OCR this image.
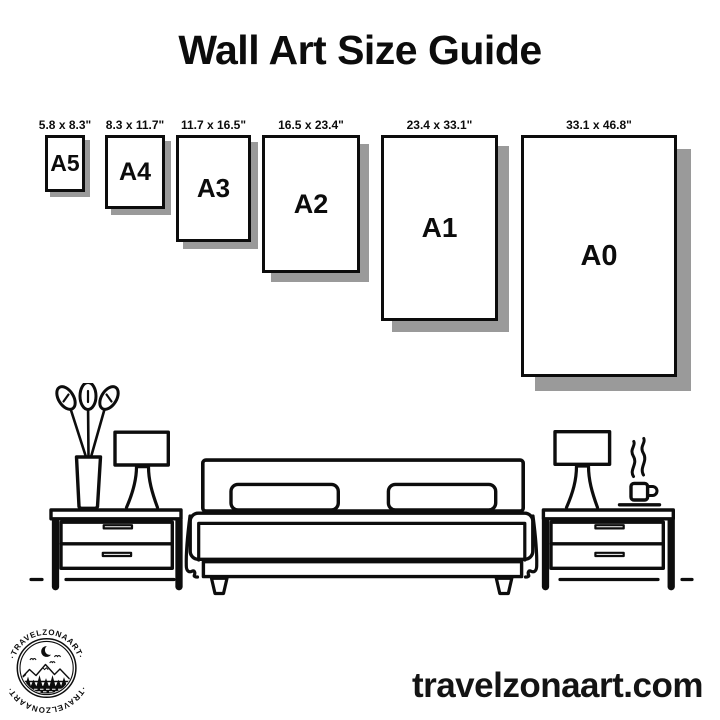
Wall Art Size Guide
5.8 x 8.3"
A5
8.3 x 11.7"
A4
11.7 x 16.5"
A3
16.5 x 23.4"
A2
23.4 x 33.1"
A1
33.1 x 46.8"
A0
·TRAVELZONAART·
·TRAVELZONAART·	travelzonaart.com
